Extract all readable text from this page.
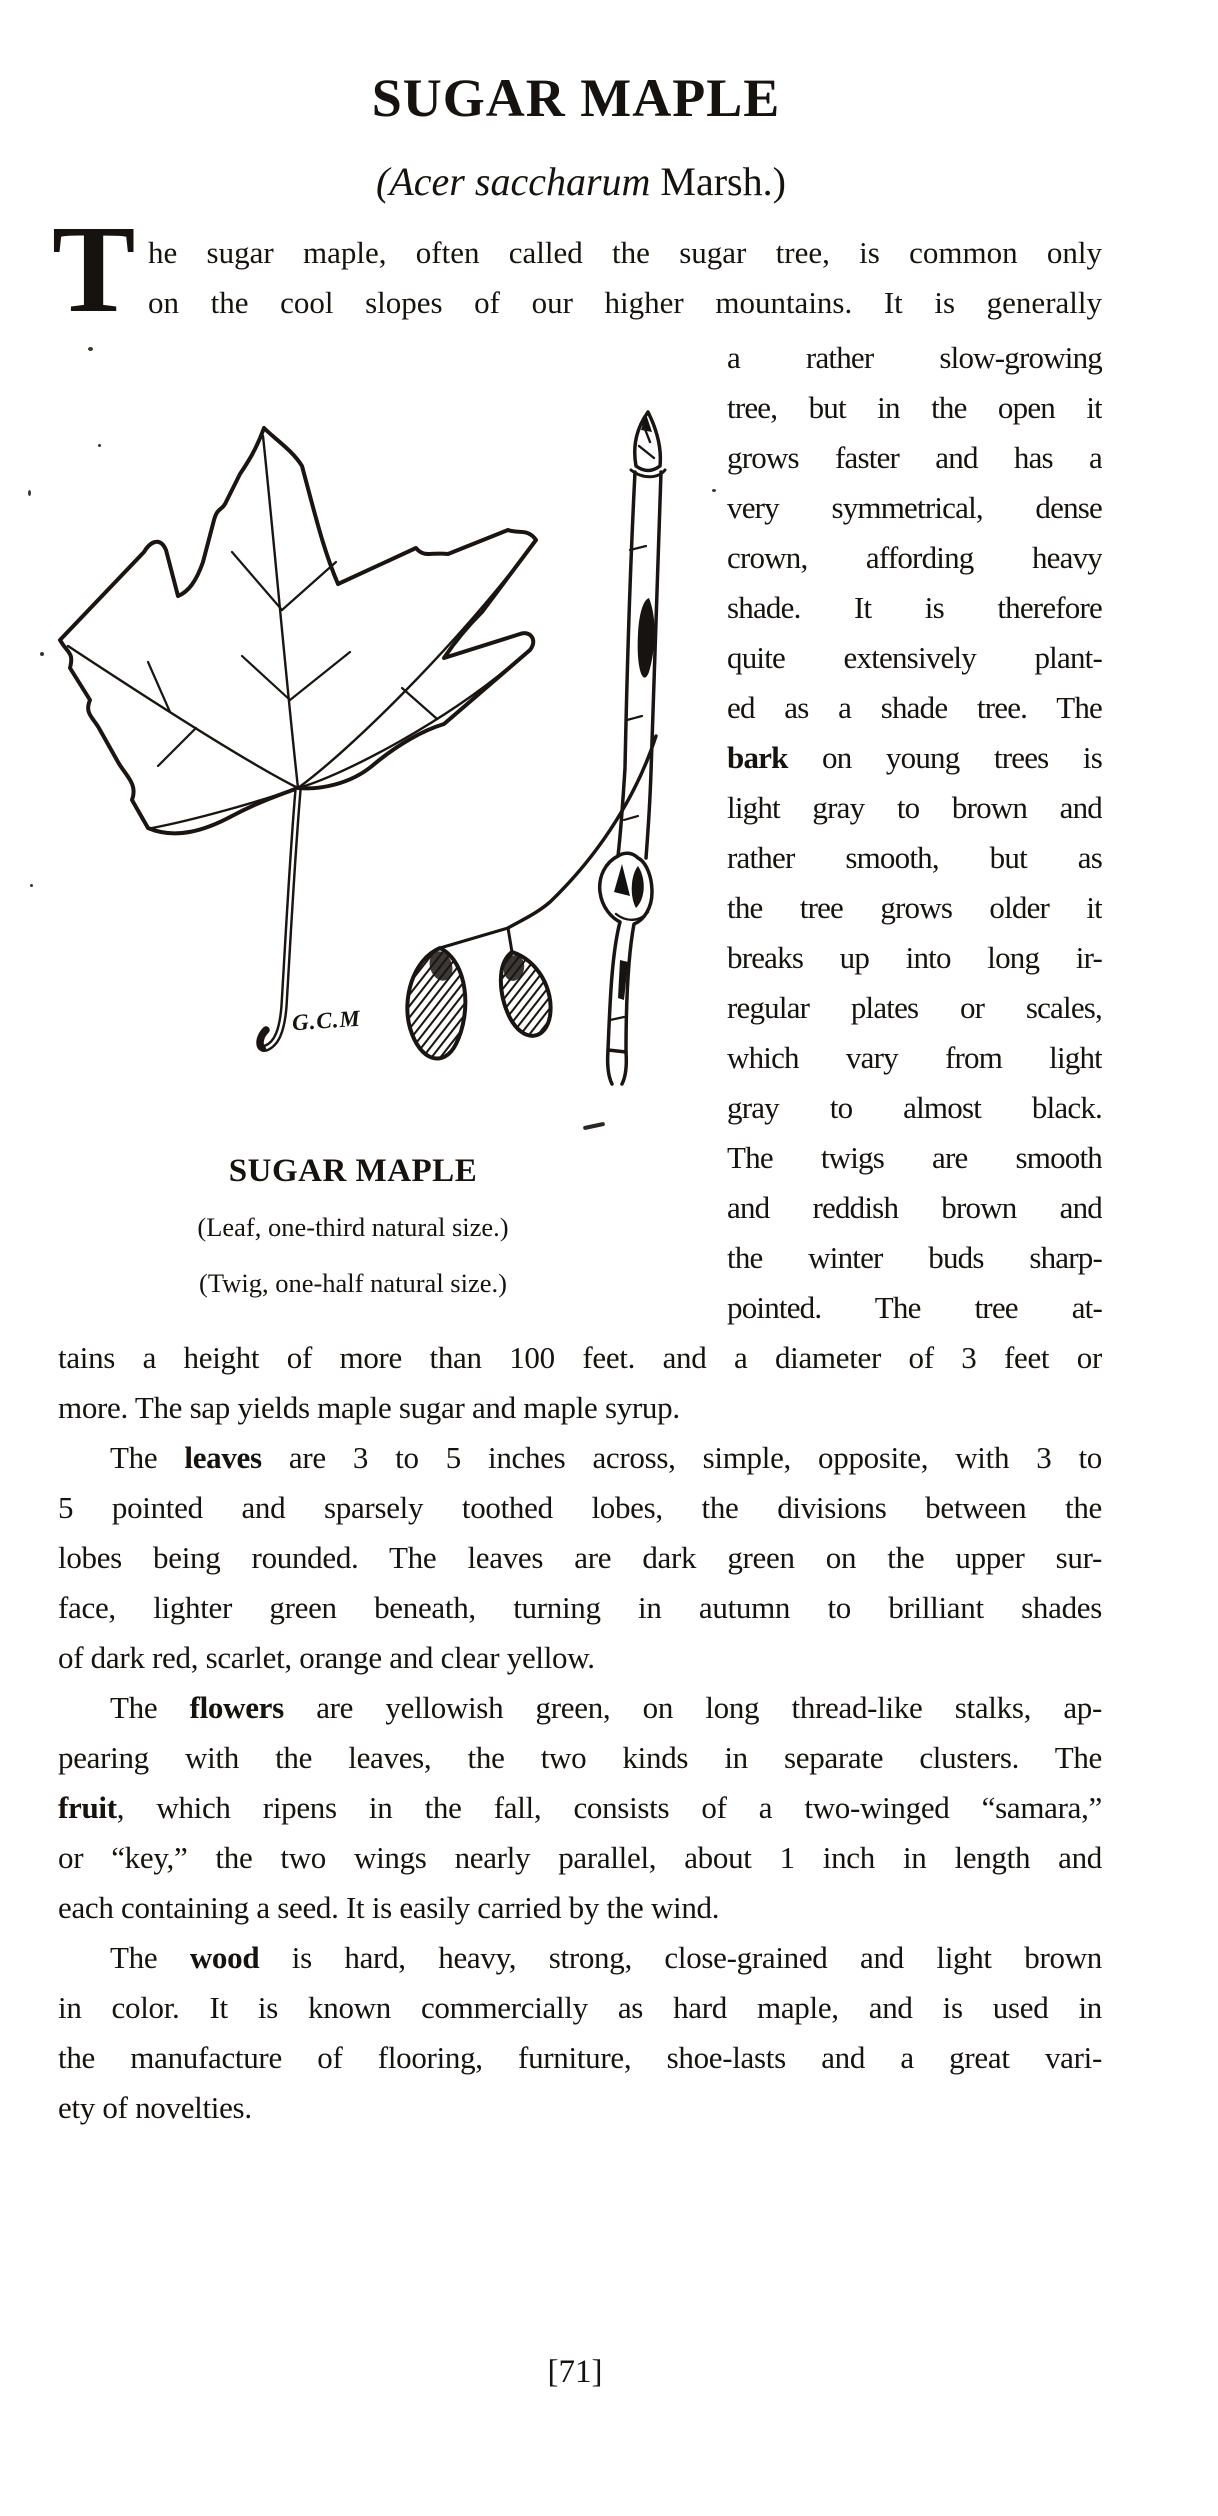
SUGAR MAPLE
(Acer saccharum Marsh.)
T he sugar maple, often called the sugar tree, is common only
on the cool slopes of our higher mountains. It is generally
G.C.M
SUGAR MAPLE
(Leaf, one-third natural size.)
(Twig, one-half natural size.)
a rather slow-growing
tree, but in the open it
grows faster and has a
very symmetrical, dense
crown, affording heavy
shade. It is therefore
quite extensively plant-
ed as a shade tree. The
bark on young trees is
light gray to brown and
rather smooth, but as
the tree grows older it
breaks up into long ir-
regular plates or scales,
which vary from light
gray to almost black.
The twigs are smooth
and reddish brown and
the winter buds sharp-
pointed. The tree at-
tains a height of more than 100 feet. and a diameter of 3 feet or
more. The sap yields maple sugar and maple syrup.
The leaves are 3 to 5 inches across, simple, opposite, with 3 to
5 pointed and sparsely toothed lobes, the divisions between the
lobes being rounded. The leaves are dark green on the upper sur-
face, lighter green beneath, turning in autumn to brilliant shades
of dark red, scarlet, orange and clear yellow.
The flowers are yellowish green, on long thread-like stalks, ap-
pearing with the leaves, the two kinds in separate clusters. The
fruit, which ripens in the fall, consists of a two-winged “samara,”
or “key,” the two wings nearly parallel, about 1 inch in length and
each containing a seed. It is easily carried by the wind.
The wood is hard, heavy, strong, close-grained and light brown
in color. It is known commercially as hard maple, and is used in
the manufacture of flooring, furniture, shoe-lasts and a great vari-
ety of novelties.
[71]
